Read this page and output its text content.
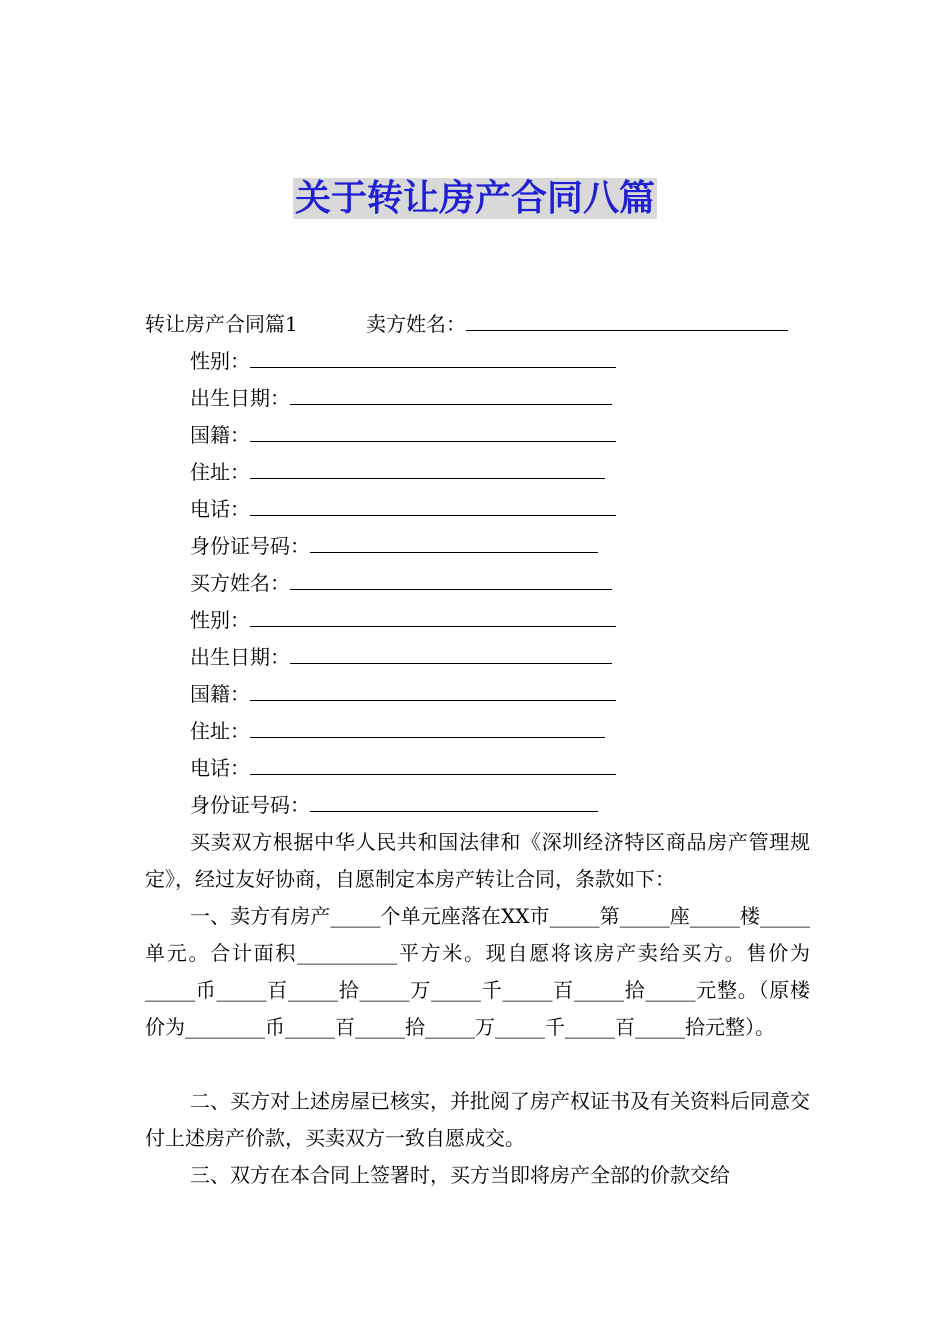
关于转让房产合同八篇
转让房产合同篇1	卖方姓名：
性别：
出生日期：
国籍：
住址：
电话：
身份证号码：
买方姓名：
性别：
出生日期：
国籍：
住址：
电话：
身份证号码：
买卖双方根据中华人民共和国法律和《深圳经济特区商品房产管理规定》，经过友好协商，自愿制定本房产转让合同，条款如下：
一、卖方有房产_____个单元座落在XX市_____第_____座_____楼_____单元。合计面积__________平方米。现自愿将该房产卖给买方。售价为_____币_____百_____拾_____万_____千_____百_____拾_____元整。（原楼价为________币_____百_____拾_____万_____千_____百_____拾元整）。
二、买方对上述房屋已核实，并批阅了房产权证书及有关资料后同意交付上述房产价款，买卖双方一致自愿成交。
三、双方在本合同上签署时，买方当即将房产全部的价款交给
